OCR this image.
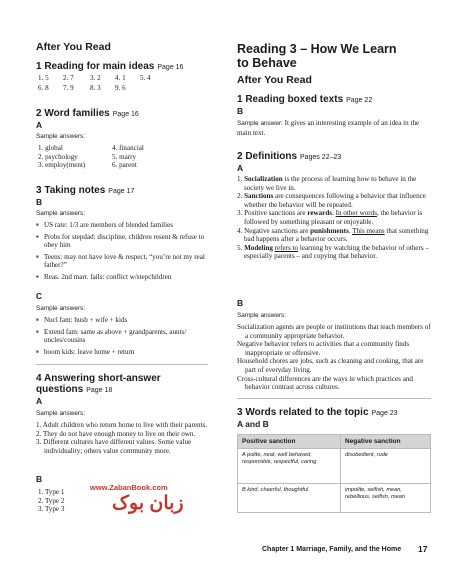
After You Read
1 Reading for main ideas Page 16
1. 5 2. 7 3. 2 4. 1 5. 4
6. 8 7. 9 8. 3 9. 6
2 Word families Page 16
A
Sample answers:
1. global
2. psychology
3. employ(ment)
4. financial
5. marry
6. parent
3 Taking notes Page 17
B
Sample answers:
■ US rate: 1/3 are members of blended families
■ Probs for stepdad: discipline, children resent & refuse to obey him
■ Teens: may not have love & respect, “you’re not my real father?”
■ Reas. 2nd marr. fails: conflict w/stepchildren
C
Sample answers:
■ Nucl fam: husb + wife + kids
■ Extend fam: same as above + grandparents, aunts/ uncles/cousins
■ boom kids: leave home + return
4 Answering short-answer
questions Page 18
A
Sample answers:
1. Adult children who return home to live with their parents.
2. They do not have enough money to live on their own.
3. Different cultures have different values. Some value individuality; others value community more.
B
1. Type 1
2. Type 2
3. Type 3
www.ZabanBook.com
زبان بوک
Reading 3 – How We Learn
to Behave
After You Read
1 Reading boxed texts Page 22
B
Sample answer: It gives an interesting example of an idea in the main text.
2 Definitions Pages 22–23
A
1. Socialization is the process of learning how to behave in the society we live in.
2. Sanctions are consequences following a behavior that influence whether the behavior will be repeated.
3. Positive sanctions are rewards. In other words, the behavior is followed by something pleasant or enjoyable.
4. Negative sanctions are punishments. This means that something bad happens after a behavior occurs.
5. Modeling refers to learning by watching the behavior of others – especially parents – and copying that behavior.
B
Sample answers:
Socialization agents are people or institutions that teach members of a community appropriate behavior.
Negative behavior refers to activities that a community finds inappropriate or offensive.
Household chores are jobs, such as cleaning and cooking, that are part of everyday living.
Cross-cultural differences are the ways in which practices and behavior contrast across cultures.
3 Words related to the topic Page 23
A and B
Positive sanction	Negative sanction
A polite, neat, well behaved, responsible, respectful, caring	disobedient, rude
B kind, cheerful, thoughtful	impolite, selfish, mean, rebellious, selfish, mean
Chapter 1 Marriage, Family, and the Home 17
